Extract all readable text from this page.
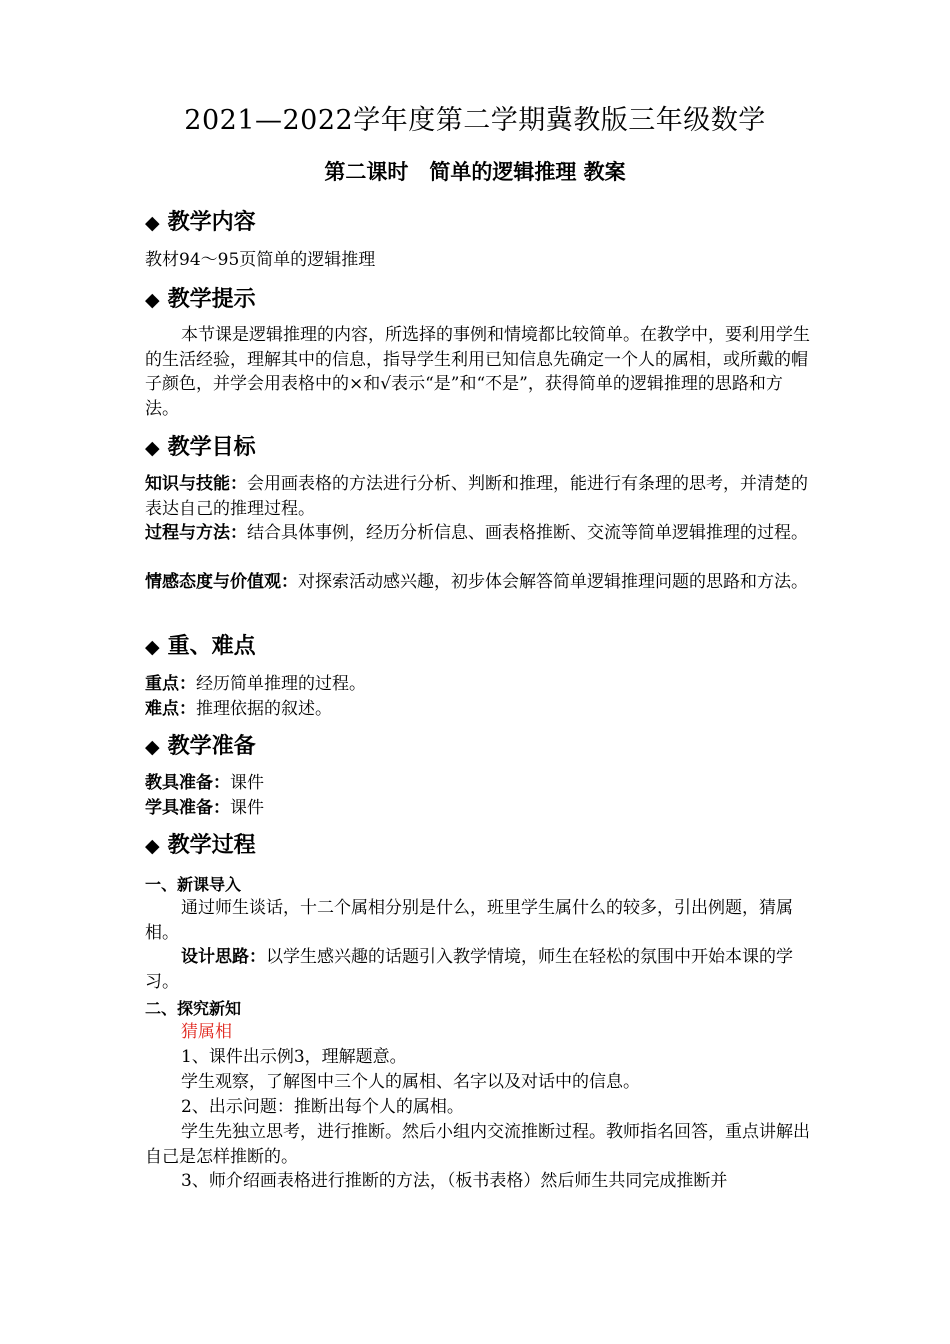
2021—2022学年度第二学期冀教版三年级数学
第二课时　简单的逻辑推理 教案
◆ 教学内容
教材94～95页简单的逻辑推理
◆ 教学提示
本节课是逻辑推理的内容，所选择的事例和情境都比较简单。在教学中，要利用学生的生活经验，理解其中的信息，指导学生利用已知信息先确定一个人的属相，或所戴的帽子颜色，并学会用表格中的×和√表示“是”和“不是”，获得简单的逻辑推理的思路和方法。
◆ 教学目标
知识与技能：会用画表格的方法进行分析、判断和推理，能进行有条理的思考，并清楚的表达自己的推理过程。
过程与方法：结合具体事例，经历分析信息、画表格推断、交流等简单逻辑推理的过程。
情感态度与价值观：对探索活动感兴趣，初步体会解答简单逻辑推理问题的思路和方法。
◆ 重、难点
重点：经历简单推理的过程。
难点：推理依据的叙述。
◆ 教学准备
教具准备：课件
学具准备：课件
◆ 教学过程
一、新课导入
通过师生谈话，十二个属相分别是什么，班里学生属什么的较多，引出例题，猜属相。
设计思路：以学生感兴趣的话题引入教学情境，师生在轻松的氛围中开始本课的学习。
二、探究新知
猜属相
1、课件出示例3，理解题意。
学生观察，了解图中三个人的属相、名字以及对话中的信息。
2、出示问题：推断出每个人的属相。
学生先独立思考，进行推断。然后小组内交流推断过程。教师指名回答，重点讲解出自己是怎样推断的。
3、师介绍画表格进行推断的方法，（板书表格）然后师生共同完成推断并
